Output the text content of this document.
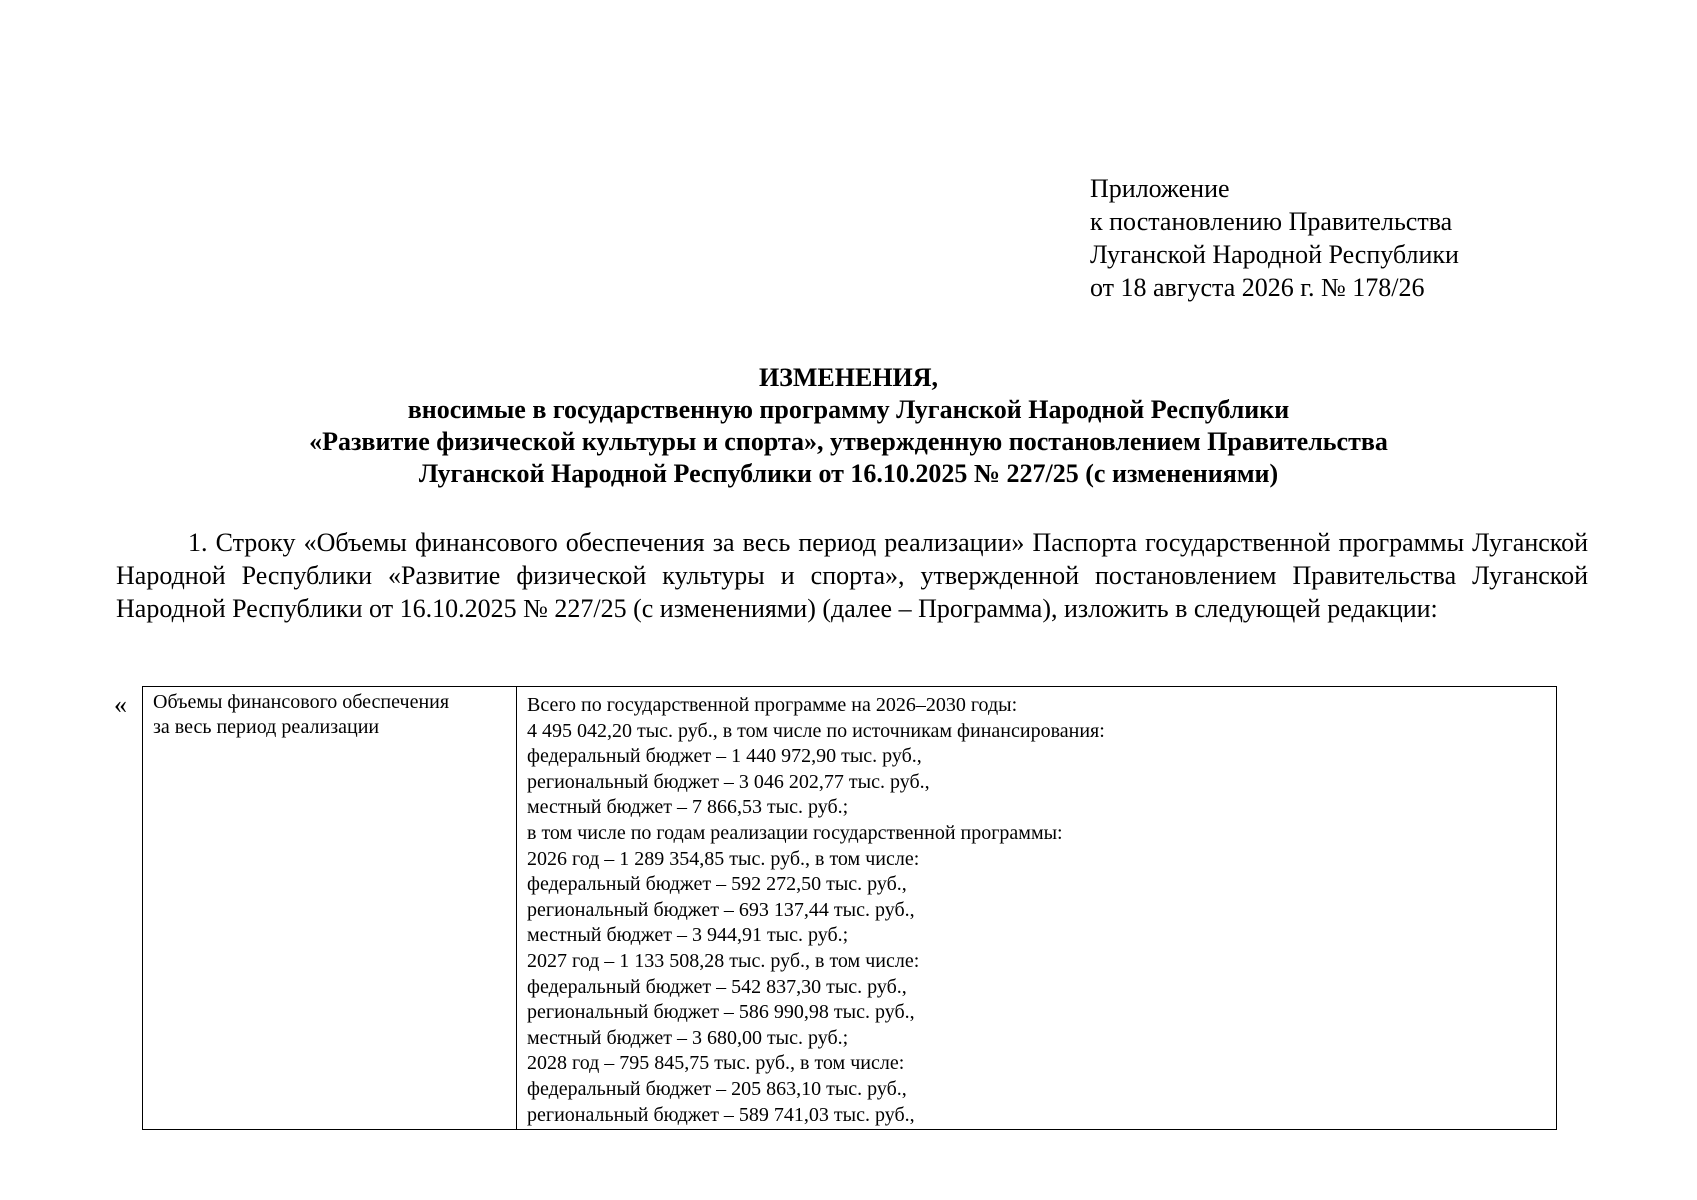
Приложение
к постановлению Правительства
Луганской Народной Республики
от 18 августа 2026 г. № 178/26
ИЗМЕНЕНИЯ,
вносимые в государственную программу Луганской Народной Республики
«Развитие физической культуры и спорта», утвержденную постановлением Правительства
Луганской Народной Республики от 16.10.2025 № 227/25 (с изменениями)
1. Строку «Объемы финансового обеспечения за весь период реализации» Паспорта государственной программы Луганской Народной Республики «Развитие физической культуры и спорта», утвержденной постановлением Правительства Луганской Народной Республики от 16.10.2025 № 227/25 (с изменениями) (далее – Программа), изложить в следующей редакции:
« Объемы финансового обеспечения
за весь период реализации
Всего по государственной программе на 2026–2030 годы:
4 495 042,20 тыс. руб., в том числе по источникам финансирования:
федеральный бюджет – 1 440 972,90 тыс. руб.,
региональный бюджет – 3 046 202,77 тыс. руб.,
местный бюджет – 7 866,53 тыс. руб.;
в том числе по годам реализации государственной программы:
2026 год – 1 289 354,85 тыс. руб., в том числе:
федеральный бюджет – 592 272,50 тыс. руб.,
региональный бюджет – 693 137,44 тыс. руб.,
местный бюджет – 3 944,91 тыс. руб.;
2027 год – 1 133 508,28 тыс. руб., в том числе:
федеральный бюджет – 542 837,30 тыс. руб.,
региональный бюджет – 586 990,98 тыс. руб.,
местный бюджет – 3 680,00 тыс. руб.;
2028 год – 795 845,75 тыс. руб., в том числе:
федеральный бюджет – 205 863,10 тыс. руб.,
региональный бюджет – 589 741,03 тыс. руб.,
